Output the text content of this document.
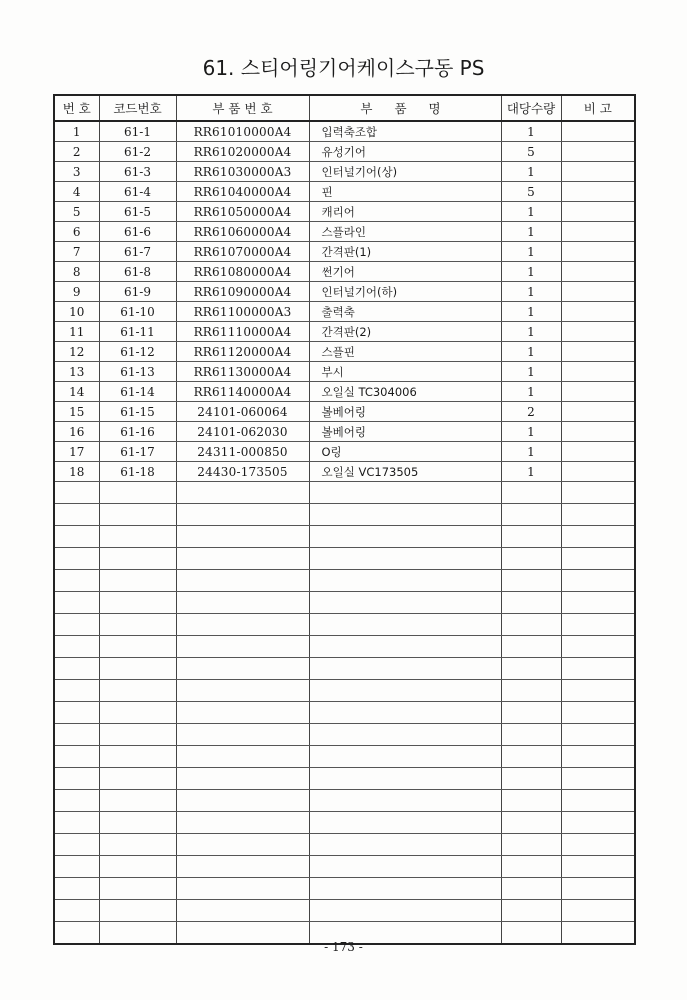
61. 스티어링기어케이스구동 PS
번 호	코드번호	부 품 번 호	부 품 명	대당수량	비 고
1	61-1	RR61010000A4	입력축조합	1	
2	61-2	RR61020000A4	유성기어	5	
3	61-3	RR61030000A3	인터널기어(상)	1	
4	61-4	RR61040000A4	핀	5	
5	61-5	RR61050000A4	캐리어	1	
6	61-6	RR61060000A4	스플라인	1	
7	61-7	RR61070000A4	간격판(1)	1	
8	61-8	RR61080000A4	썬기어	1	
9	61-9	RR61090000A4	인터널기어(하)	1	
10	61-10	RR61100000A3	출력축	1	
11	61-11	RR61110000A4	간격판(2)	1	
12	61-12	RR61120000A4	스플핀	1	
13	61-13	RR61130000A4	부시	1	
14	61-14	RR61140000A4	오일실 TC304006	1	
15	61-15	24101-060064	볼베어링	2	
16	61-16	24101-062030	볼베어링	1	
17	61-17	24311-000850	O링	1	
18	61-18	24430-173505	오일실 VC173505	1	

- 173 -
